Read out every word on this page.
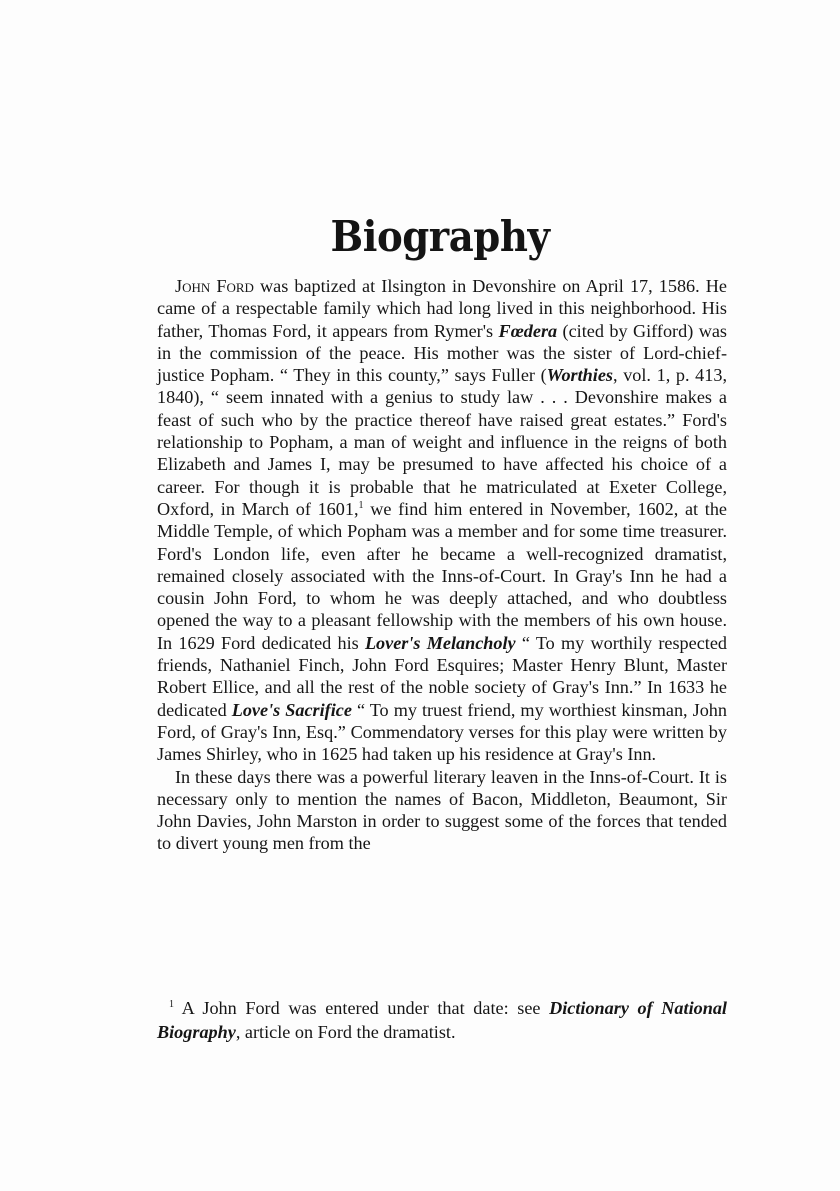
Biography

John Ford was baptized at Ilsington in Devonshire on April 17, 1586. He came of a respectable family which had long lived in this neighborhood. His father, Thomas Ford, it appears from Rymer's Fœdera (cited by Gifford) was in the commission of the peace. His mother was the sister of Lord-chief-justice Popham. “ They in this county,” says Fuller (Worthies, vol. 1, p. 413, 1840), “ seem innated with a genius to study law . . . Devonshire makes a feast of such who by the practice thereof have raised great estates.” Ford's relationship to Popham, a man of weight and influence in the reigns of both Elizabeth and James I, may be presumed to have affected his choice of a career. For though it is probable that he matriculated at Exeter College, Oxford, in March of 1601,$^1$ we find him entered in November, 1602, at the Middle Temple, of which Popham was a member and for some time treasurer. Ford's London life, even after he became a well-recognized dramatist, remained closely associated with the Inns-of-Court. In Gray's Inn he had a cousin John Ford, to whom he was deeply attached, and who doubtless opened the way to a pleasant fellowship with the members of his own house. In 1629 Ford dedicated his Lover's Melancholy “ To my worthily respected friends, Nathaniel Finch, John Ford Esquires; Master Henry Blunt, Master Robert Ellice, and all the rest of the noble society of Gray's Inn.” In 1633 he dedicated Love's Sacrifice “ To my truest friend, my worthiest kinsman, John Ford, of Gray's Inn, Esq.” Commendatory verses for this play were written by James Shirley, who in 1625 had taken up his residence at Gray's Inn.

In these days there was a powerful literary leaven in the Inns-of-Court. It is necessary only to mention the names of Bacon, Middleton, Beaumont, Sir John Davies, John Marston in order to suggest some of the forces that tended to divert young men from the

$^1$ A John Ford was entered under that date: see Dictionary of National Biography, article on Ford the dramatist.
